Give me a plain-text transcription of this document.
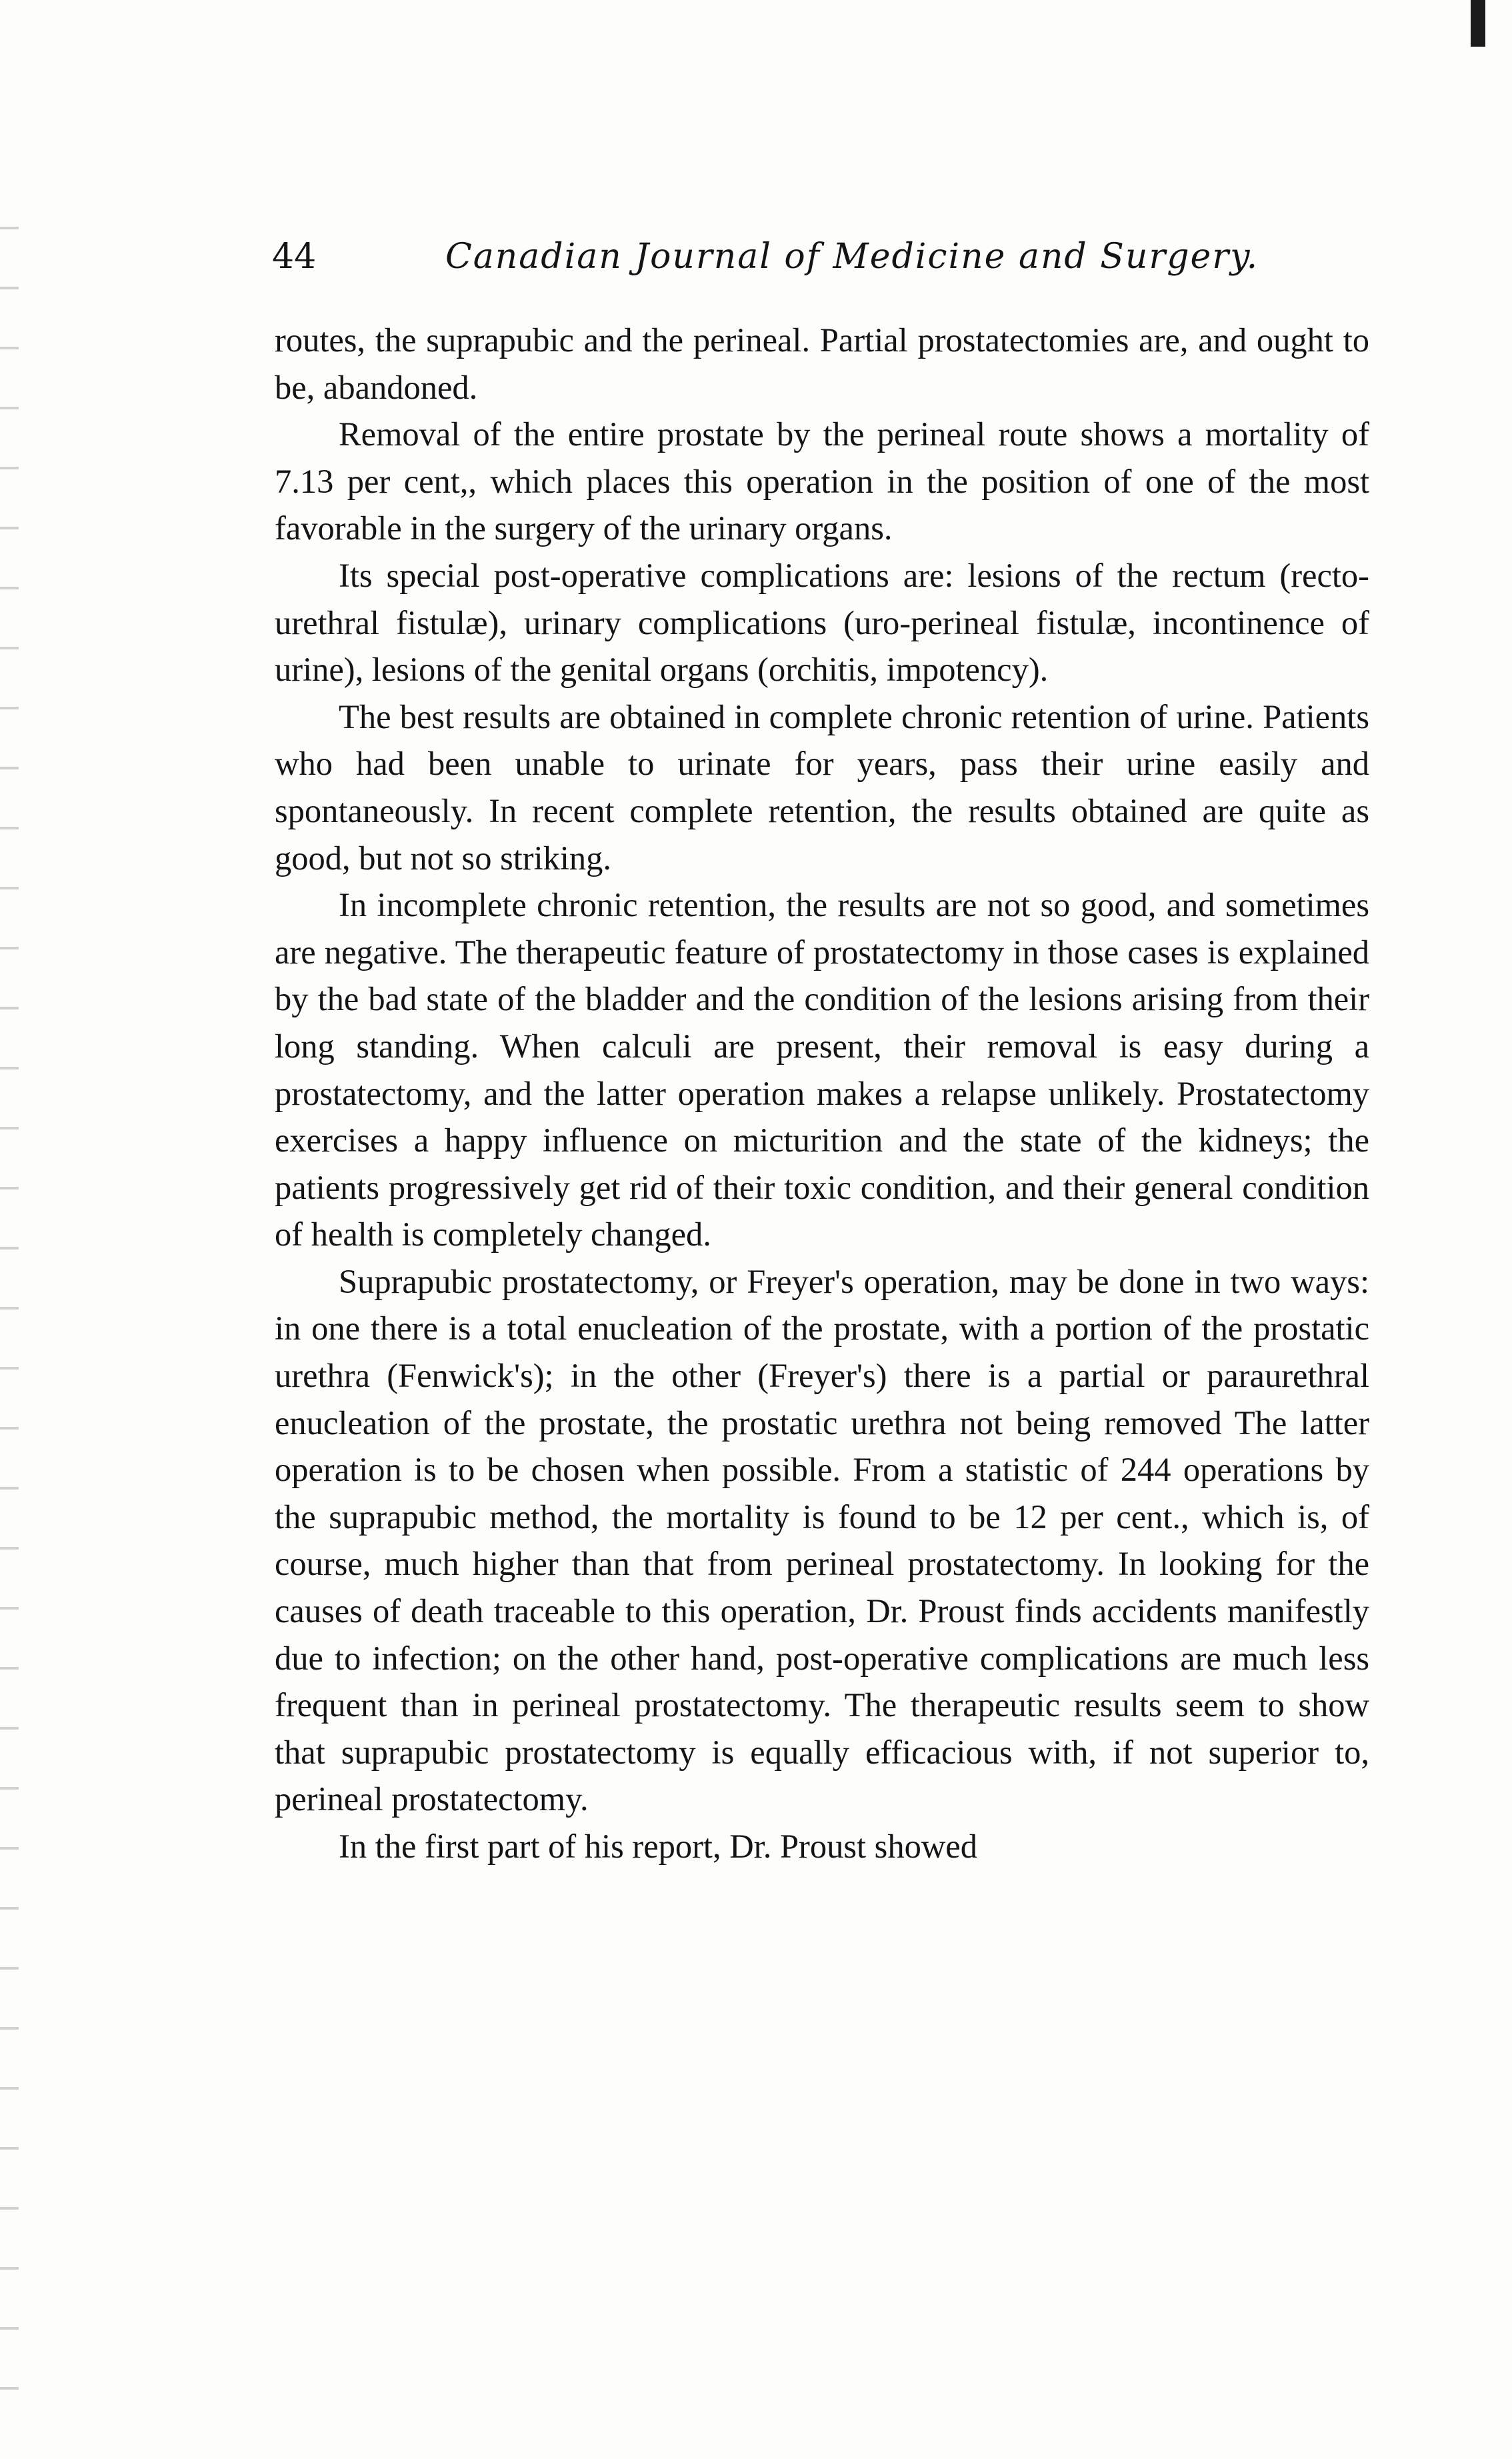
44	Canadian Journal of Medicine and Surgery.

routes, the suprapubic and the perineal. Partial prostatectomies are, and ought to be, abandoned.

Removal of the entire prostate by the perineal route shows a mortality of 7.13 per cent,, which places this operation in the position of one of the most favorable in the surgery of the urinary organs.

Its special post-operative complications are: lesions of the rectum (recto-urethral fistulæ), urinary complications (uro-perineal fistulæ, incontinence of urine), lesions of the genital organs (orchitis, impotency).

The best results are obtained in complete chronic retention of urine. Patients who had been unable to urinate for years, pass their urine easily and spontaneously. In recent complete retention, the results obtained are quite as good, but not so striking.

In incomplete chronic retention, the results are not so good, and sometimes are negative. The therapeutic feature of prostatectomy in those cases is explained by the bad state of the bladder and the condition of the lesions arising from their long standing. When calculi are present, their removal is easy during a prostatectomy, and the latter operation makes a relapse unlikely. Prostatectomy exercises a happy influence on micturition and the state of the kidneys; the patients progressively get rid of their toxic condition, and their general condition of health is completely changed.

Suprapubic prostatectomy, or Freyer's operation, may be done in two ways: in one there is a total enucleation of the prostate, with a portion of the prostatic urethra (Fenwick's); in the other (Freyer's) there is a partial or paraurethral enucleation of the prostate, the prostatic urethra not being removed The latter operation is to be chosen when possible. From a statistic of 244 operations by the suprapubic method, the mortality is found to be 12 per cent., which is, of course, much higher than that from perineal prostatectomy. In looking for the causes of death traceable to this operation, Dr. Proust finds accidents manifestly due to infection; on the other hand, post-operative complications are much less frequent than in perineal prostatectomy. The therapeutic results seem to show that suprapubic prostatectomy is equally efficacious with, if not superior to, perineal prostatectomy.

In the first part of his report, Dr. Proust showed
